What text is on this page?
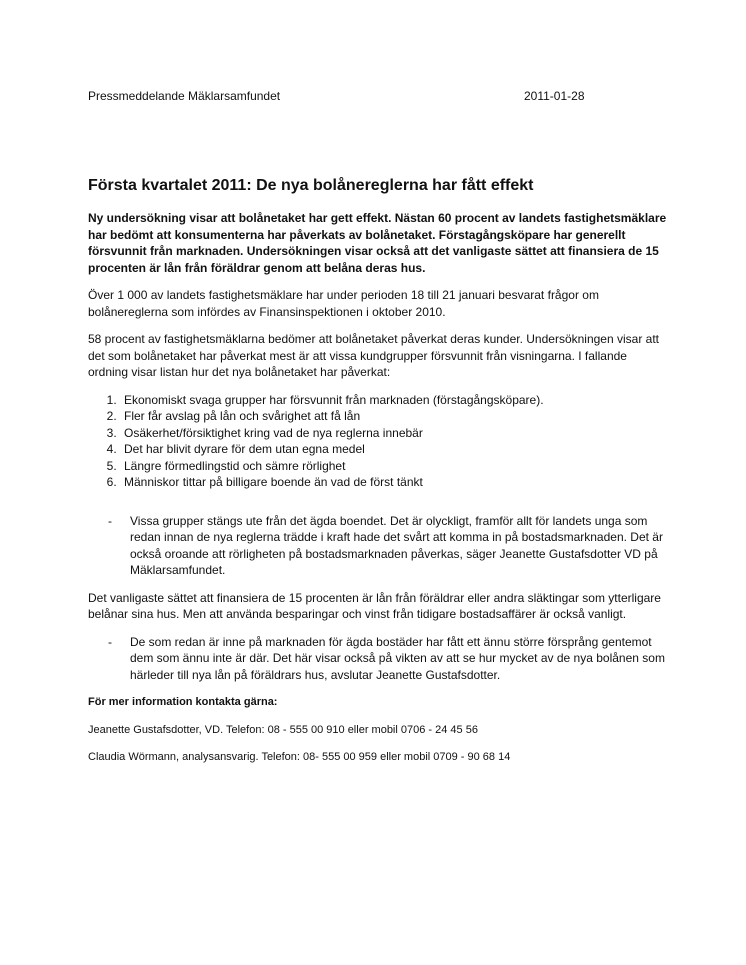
Pressmeddelande Mäklarsamfundet	2011-01-28
Första kvartalet 2011: De nya bolånereglerna har fått effekt

Ny undersökning visar att bolånetaket har gett effekt. Nästan 60 procent av landets fastighetsmäklare har bedömt att konsumenterna har påverkats av bolånetaket. Förstagångsköpare har generellt försvunnit från marknaden. Undersökningen visar också att det vanligaste sättet att finansiera de 15 procenten är lån från föräldrar genom att belåna deras hus.

Över 1 000 av landets fastighetsmäklare har under perioden 18 till 21 januari besvarat frågor om bolånereglerna som infördes av Finansinspektionen i oktober 2010.

58 procent av fastighetsmäklarna bedömer att bolånetaket påverkat deras kunder. Undersökningen visar att det som bolånetaket har påverkat mest är att vissa kundgrupper försvunnit från visningarna. I fallande ordning visar listan hur det nya bolånetaket har påverkat:

1. Ekonomiskt svaga grupper har försvunnit från marknaden (förstagångsköpare).
2. Fler får avslag på lån och svårighet att få lån
3. Osäkerhet/försiktighet kring vad de nya reglerna innebär
4. Det har blivit dyrare för dem utan egna medel
5. Längre förmedlingstid och sämre rörlighet
6. Människor tittar på billigare boende än vad de först tänkt
-	Vissa grupper stängs ute från det ägda boendet. Det är olyckligt, framför allt för landets unga som redan innan de nya reglerna trädde i kraft hade det svårt att komma in på bostadsmarknaden. Det är också oroande att rörligheten på bostadsmarknaden påverkas, säger Jeanette Gustafsdotter VD på Mäklarsamfundet.

Det vanligaste sättet att finansiera de 15 procenten är lån från föräldrar eller andra släktingar som ytterligare belånar sina hus. Men att använda besparingar och vinst från tidigare bostadsaffärer är också vanligt.

-	De som redan är inne på marknaden för ägda bostäder har fått ett ännu större försprång gentemot dem som ännu inte är där. Det här visar också på vikten av att se hur mycket av de nya bolånen som härleder till nya lån på föräldrars hus, avslutar Jeanette Gustafsdotter.

För mer information kontakta gärna:

Jeanette Gustafsdotter, VD. Telefon: 08 - 555 00 910 eller mobil 0706 - 24 45 56

Claudia Wörmann, analysansvarig. Telefon: 08- 555 00 959 eller mobil 0709 - 90 68 14
